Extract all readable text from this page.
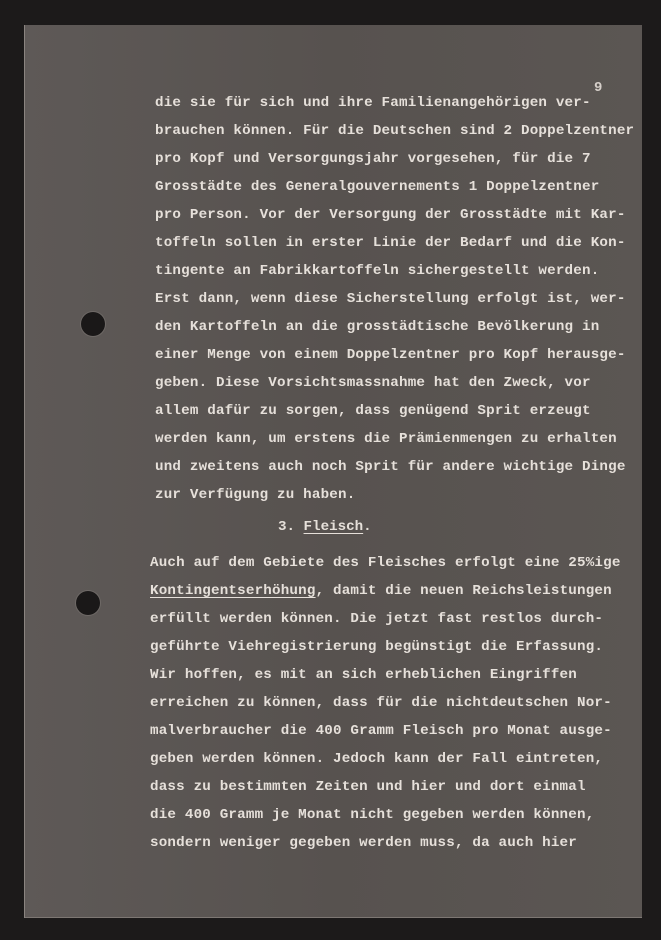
9
die sie für sich und ihre Familienangehörigen ver-
brauchen können. Für die Deutschen sind 2 Doppelzentner
pro Kopf und Versorgungsjahr vorgesehen, für die 7
Grosstädte des Generalgouvernements 1 Doppelzentner
pro Person. Vor der Versorgung der Grosstädte mit Kar-
toffeln sollen in erster Linie der Bedarf und die Kon-
tingente an Fabrikkartoffeln sichergestellt werden.
Erst dann, wenn diese Sicherstellung erfolgt ist, wer-
den Kartoffeln an die grosstädtische Bevölkerung in
einer Menge von einem Doppelzentner pro Kopf herausge-
geben. Diese Vorsichtsmassnahme hat den Zweck, vor
allem dafür zu sorgen, dass genügend Sprit erzeugt
werden kann, um erstens die Prämienmengen zu erhalten
und zweitens auch noch Sprit für andere wichtige Dinge
zur Verfügung zu haben.
3. Fleisch.
Auch auf dem Gebiete des Fleisches erfolgt eine 25%ige
Kontingentserhöhung, damit die neuen Reichsleistungen
erfüllt werden können. Die jetzt fast restlos durch-
geführte Viehregistrierung begünstigt die Erfassung.
Wir hoffen, es mit an sich erheblichen Eingriffen
erreichen zu können, dass für die nichtdeutschen Nor-
malverbraucher die 400 Gramm Fleisch pro Monat ausge-
geben werden können. Jedoch kann der Fall eintreten,
dass zu bestimmten Zeiten und hier und dort einmal
die 400 Gramm je Monat nicht gegeben werden können,
sondern weniger gegeben werden muss, da auch hier
